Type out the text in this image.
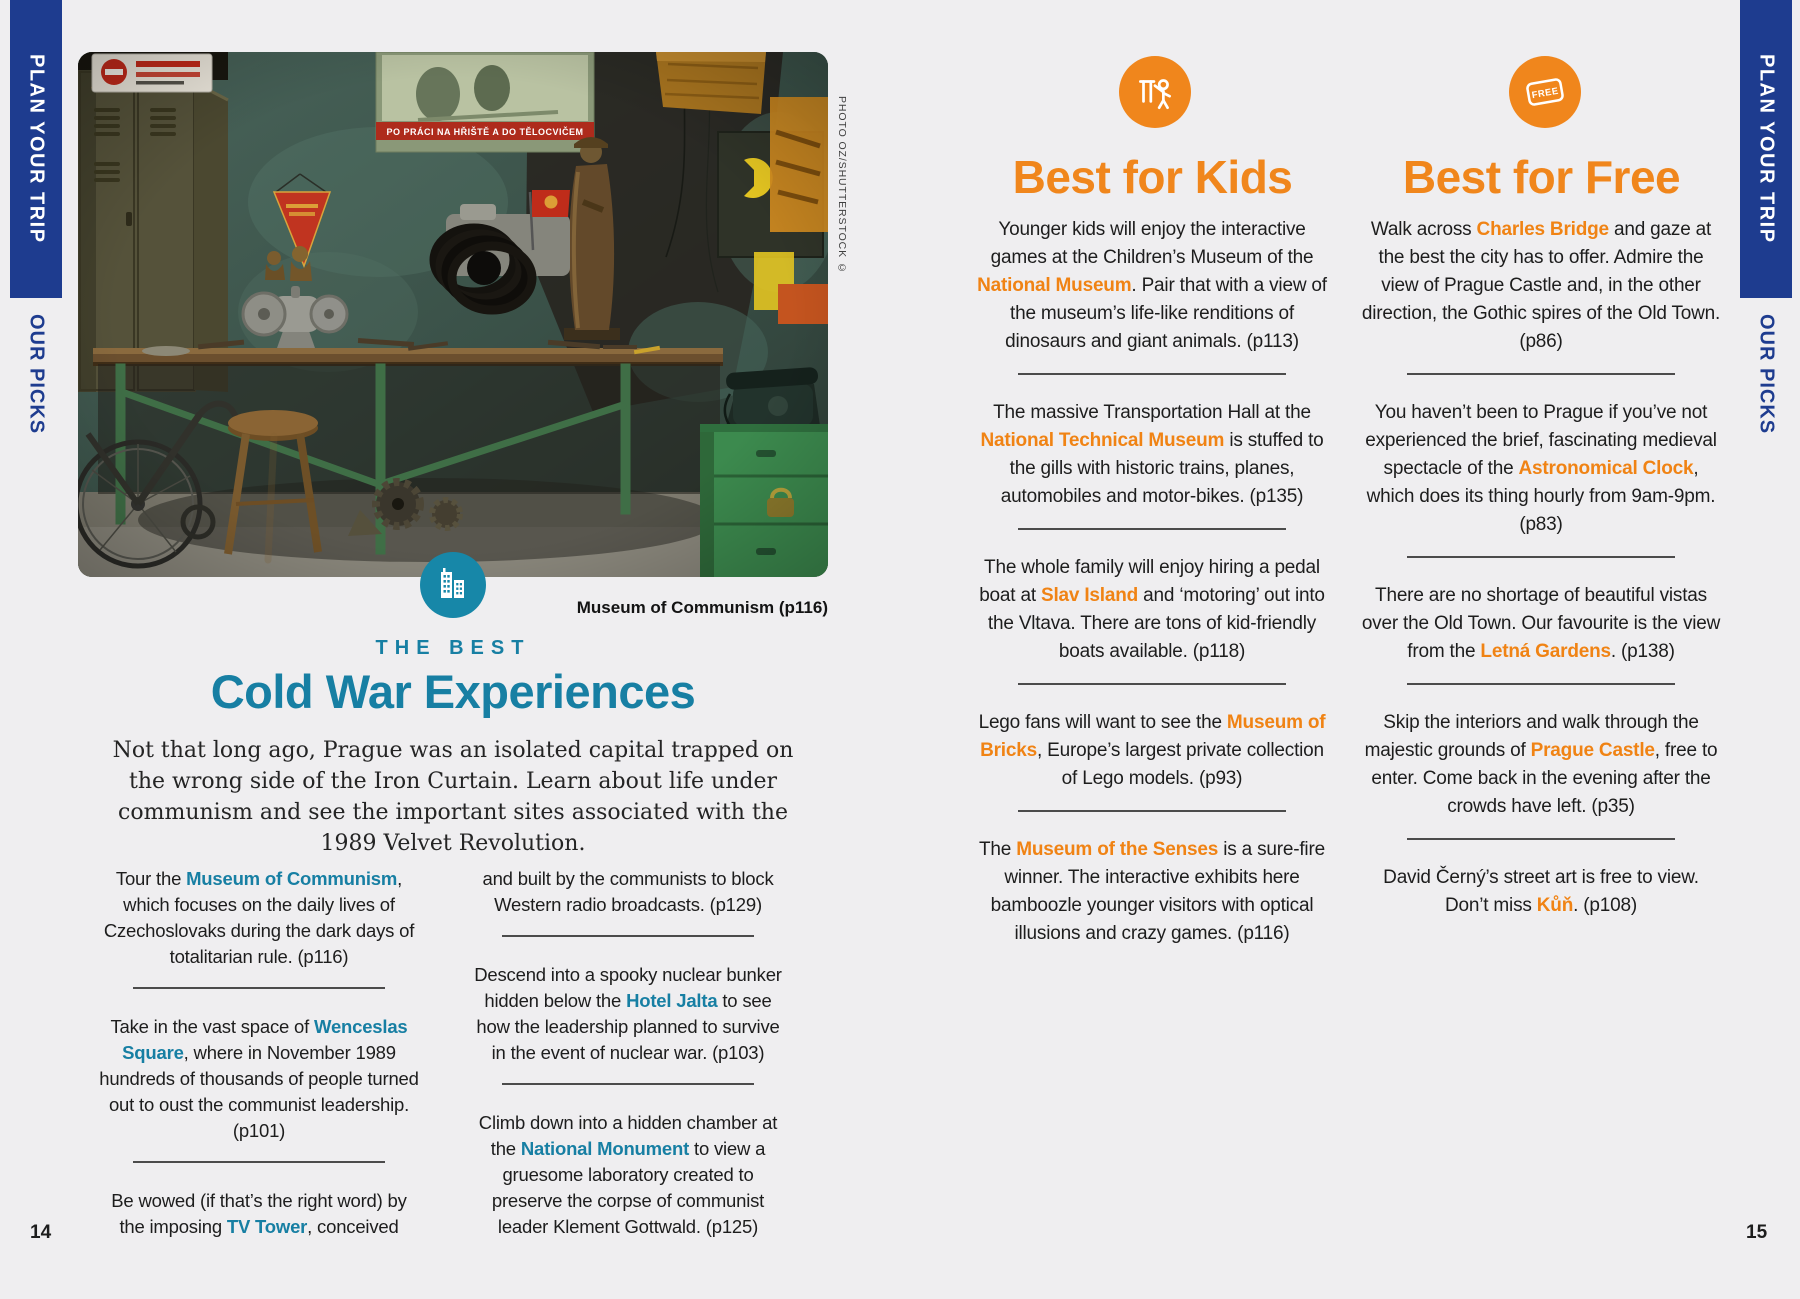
PLAN YOUR TRIP
OUR PICKS
PLAN YOUR TRIP
OUR PICKS
PHOTO OZ/SHUTTERSTOCK ©
Museum of Communism (p116)
THE BEST
Cold War Experiences
Not that long ago, Prague was an isolated capital trapped on
the wrong side of the Iron Curtain. Learn about life under
communism and see the important sites associated with the
1989 Velvet Revolution.

Tour the Museum of Communism, which focuses on the daily lives of Czechoslovaks during the dark days of totalitarian rule. (p116)

Take in the vast space of Wenceslas Square, where in November 1989 hundreds of thousands of people turned out to oust the communist leadership. (p101)

Be wowed (if that’s the right word) by the imposing TV Tower, conceived

and built by the communists to block Western radio broadcasts. (p129)

Descend into a spooky nuclear bunker hidden below the Hotel Jalta to see how the leadership planned to survive in the event of nuclear war. (p103)

Climb down into a hidden chamber at the National Monument to view a gruesome laboratory created to preserve the corpse of communist leader Klement Gottwald. (p125)

14
Best for Kids

Younger kids will enjoy the interactive games at the Children’s Museum of the National Museum. Pair that with a view of the museum’s life-like renditions of dinosaurs and giant animals. (p113)

The massive Transportation Hall at the National Technical Museum is stuffed to the gills with historic trains, planes, automobiles and motor-bikes. (p135)

The whole family will enjoy hiring a pedal boat at Slav Island and ‘motoring’ out into the Vltava. There are tons of kid-friendly boats available. (p118)

Lego fans will want to see the Museum of Bricks, Europe’s largest private collection of Lego models. (p93)

The Museum of the Senses is a sure-fire winner. The interactive exhibits here bamboozle younger visitors with optical illusions and crazy games. (p116)

FREE
Best for Free

Walk across Charles Bridge and gaze at the best the city has to offer. Admire the view of Prague Castle and, in the other direction, the Gothic spires of the Old Town. (p86)

You haven’t been to Prague if you’ve not experienced the brief, fascinating medieval spectacle of the Astronomical Clock, which does its thing hourly from 9am-9pm. (p83)

There are no shortage of beautiful vistas over the Old Town. Our favourite is the view from the Letná Gardens. (p138)

Skip the interiors and walk through the majestic grounds of Prague Castle, free to enter. Come back in the evening after the crowds have left. (p35)

David Černý’s street art is free to view. Don’t miss Kůň. (p108)

15
